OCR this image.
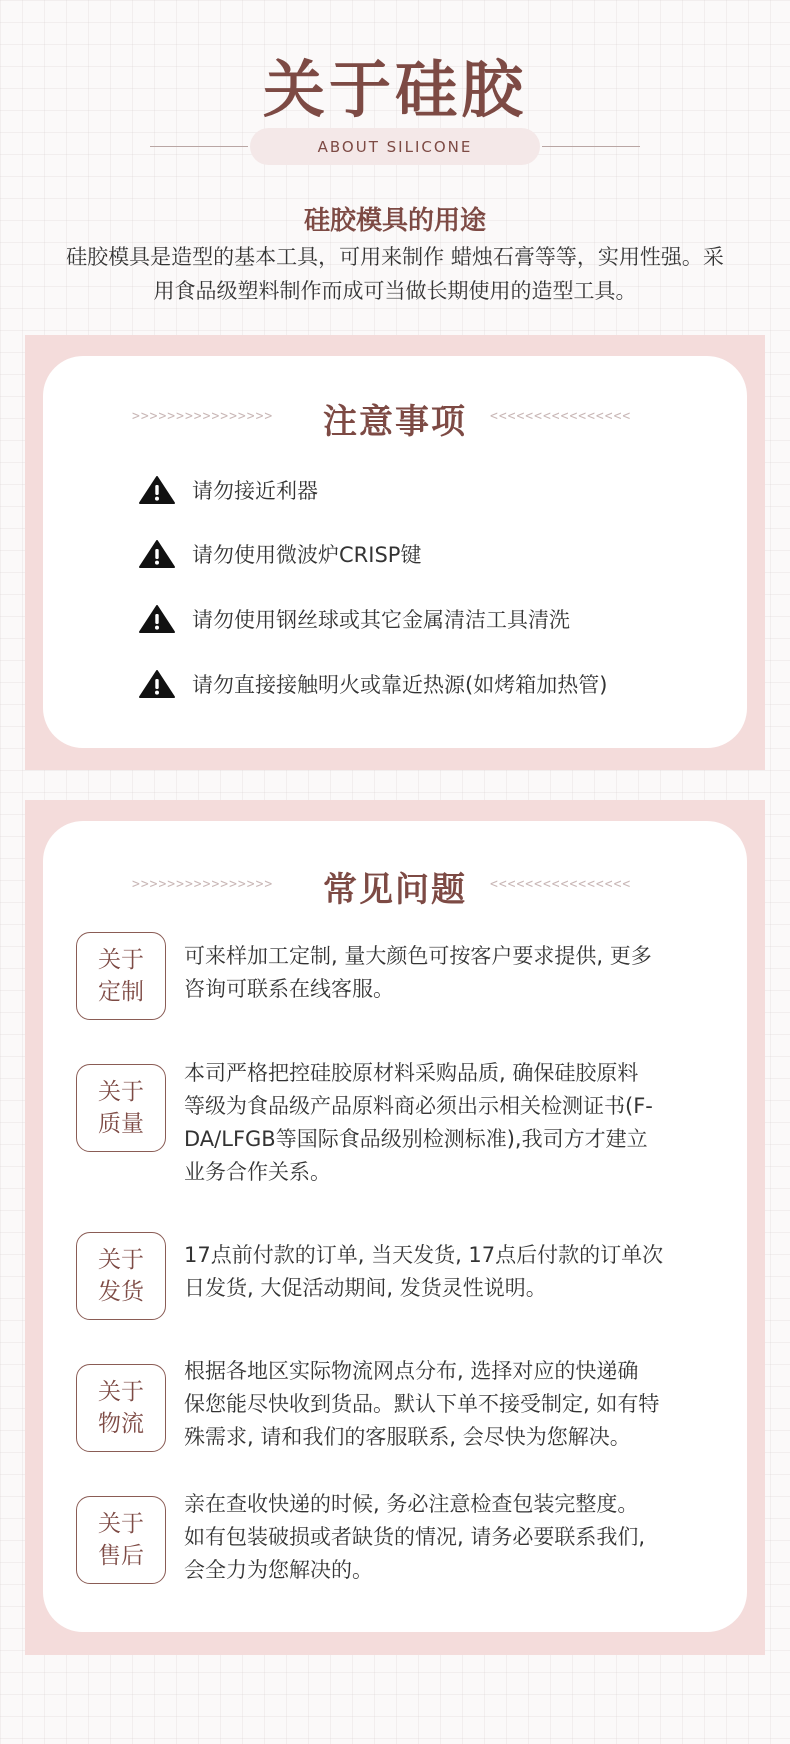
关于硅胶
ABOUT SILICONE
硅胶模具的用途
硅胶模具是造型的基本工具，可用来制作 蜡烛石膏等等，实用性强。采
用食品级塑料制作而成可当做长期使用的造型工具。
>>>>>>>>>>>>>>>>	注意事项	<<<<<<<<<<<<<<<<
请勿接近利器
请勿使用微波炉CRISP键
请勿使用钢丝球或其它金属清洁工具清洗
请勿直接接触明火或靠近热源(如烤箱加热管)
>>>>>>>>>>>>>>>>	常见问题	<<<<<<<<<<<<<<<<
关于
定制
可来样加工定制, 量大颜色可按客户要求提供, 更多
咨询可联系在线客服。
关于
质量
本司严格把控硅胶原材料采购品质, 确保硅胶原料
等级为食品级产品原料商必须出示相关检测证书(F-
DA/LFGB等国际食品级别检测标准),我司方才建立
业务合作关系。
关于
发货
17点前付款的订单, 当天发货, 17点后付款的订单次
日发货, 大促活动期间, 发货灵性说明。
关于
物流
根据各地区实际物流网点分布, 选择对应的快递确
保您能尽快收到货品。默认下单不接受制定, 如有特
殊需求, 请和我们的客服联系, 会尽快为您解决。
关于
售后
亲在查收快递的时候, 务必注意检查包装完整度。
如有包装破损或者缺货的情况, 请务必要联系我们,
会全力为您解决的。
